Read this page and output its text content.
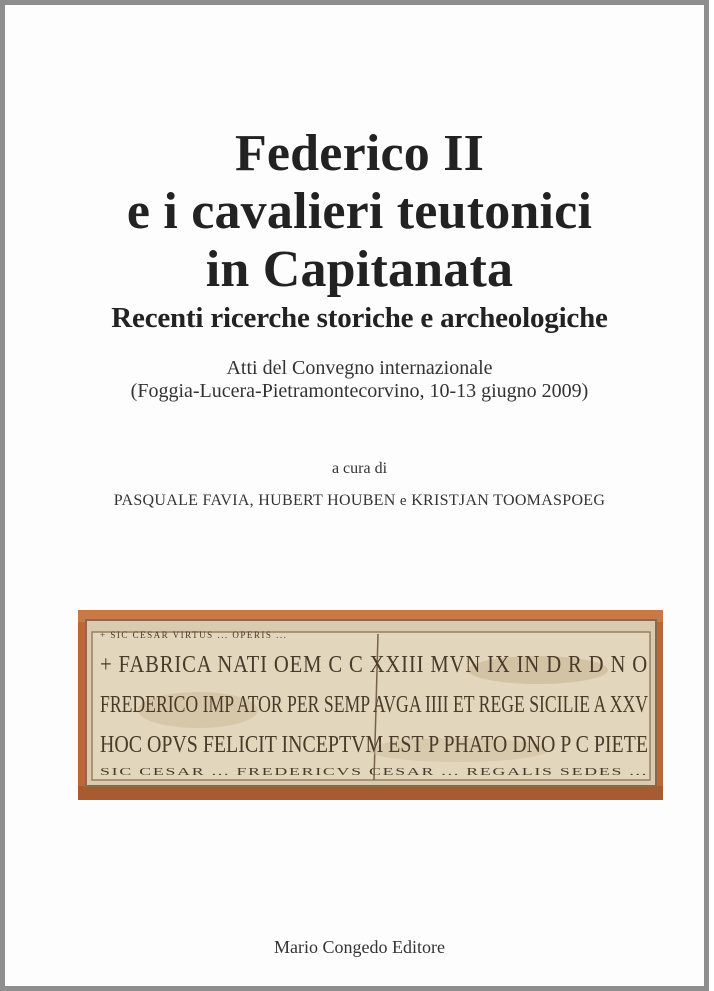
Federico II
e i cavalieri teutonici
in Capitanata
Recenti ricerche storiche e archeologiche
Atti del Convegno internazionale
(Foggia-Lucera-Pietramontecorvino, 10-13 giugno 2009)
a cura di
PASQUALE FAVIA, HUBERT HOUBEN e KRISTJAN TOOMASPOEG
+ SIC CESAR VIRTUS ... OPERIS ...
+ FABRICA NATI OEM C C XXIII MVN IX IN D R D N O
FREDERICO IMP ATOR PER SEMP AVGA IIII ET REGE SICILIE A XXV
HOC OPVS FELICIT INCEPTVM EST P PHATO DNO P C PIETE
SIC CESAR ... FREDERICVS CESAR ... REGALIS SEDES ...
Mario Congedo Editore
